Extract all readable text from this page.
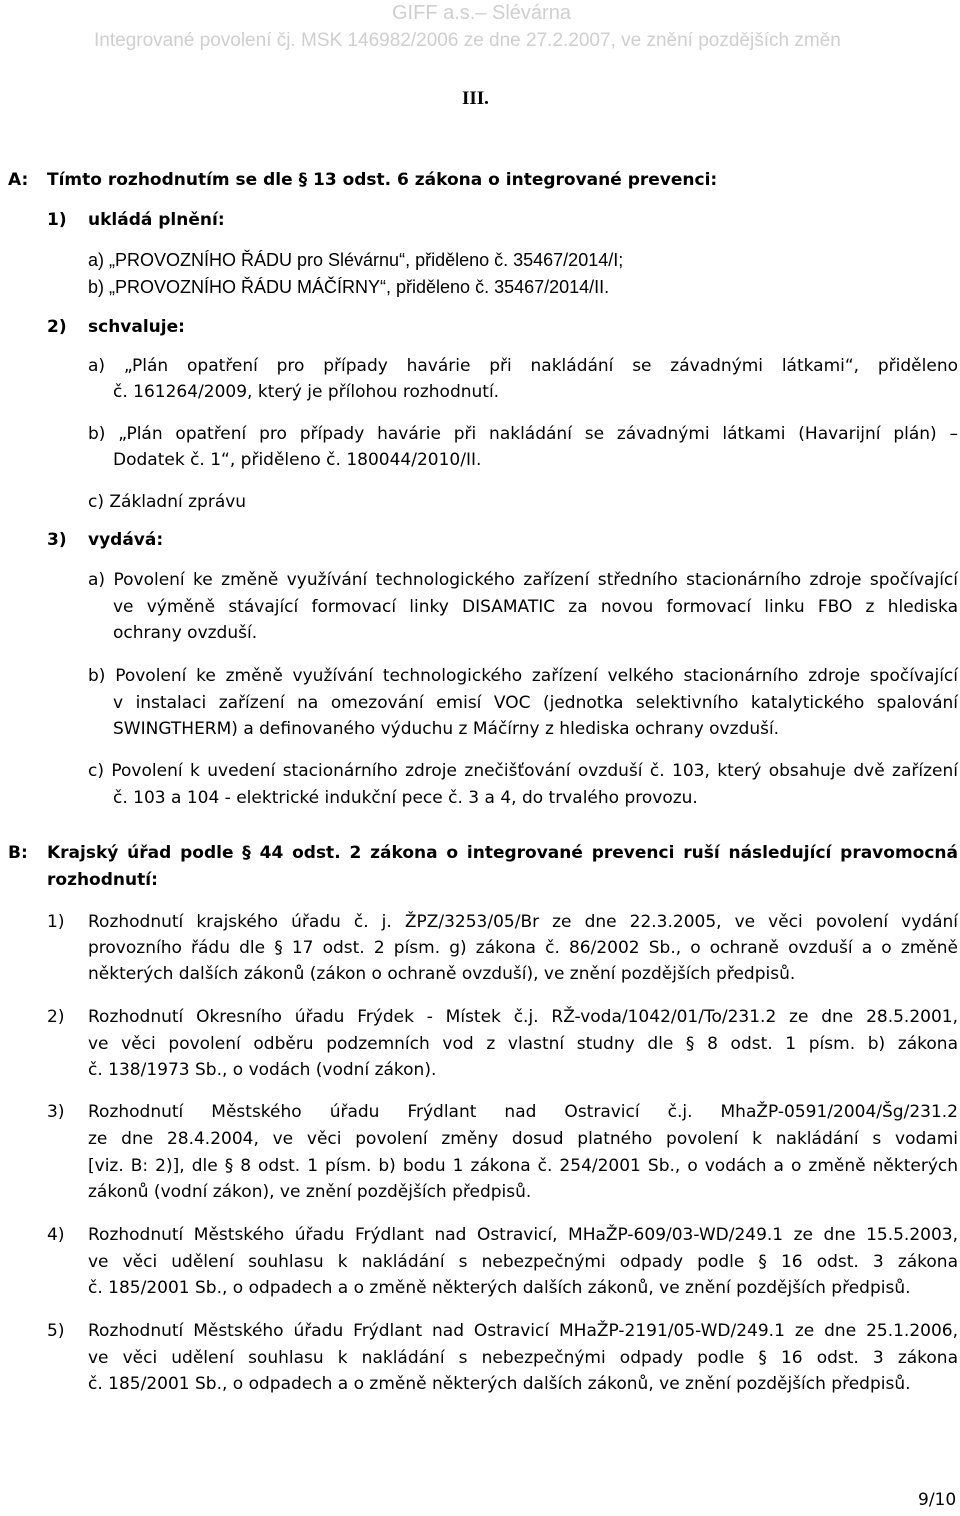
GIFF a.s.– Slévárna
Integrované povolení čj. MSK 146982/2006 ze dne 27.2.2007, ve znění pozdějších změn
III.
A: Tímto rozhodnutím se dle § 13 odst. 6 zákona o integrované prevenci:
1) ukládá plnění:
a) „PROVOZNÍHO ŘÁDU pro Slévárnu“, přiděleno č. 35467/2014/I;
b) „PROVOZNÍHO ŘÁDU MÁČÍRNY“, přiděleno č. 35467/2014/II.
2) schvaluje:
a) „Plán opatření pro případy havárie při nakládání se závadnými látkami“, přiděleno
č. 161264/2009, který je přílohou rozhodnutí.
b) „Plán opatření pro případy havárie při nakládání se závadnými látkami (Havarijní plán) –
Dodatek č. 1“, přiděleno č. 180044/2010/II.
c) Základní zprávu
3) vydává:
a) Povolení ke změně využívání technologického zařízení středního stacionárního zdroje spočívající
ve výměně stávající formovací linky DISAMATIC za novou formovací linku FBO z hlediska
ochrany ovzduší.
b) Povolení ke změně využívání technologického zařízení velkého stacionárního zdroje spočívající
v instalaci zařízení na omezování emisí VOC (jednotka selektivního katalytického spalování
SWINGTHERM) a definovaného výduchu z Máčírny z hlediska ochrany ovzduší.
c) Povolení k uvedení stacionárního zdroje znečišťování ovzduší č. 103, který obsahuje dvě zařízení
č. 103 a 104 - elektrické indukční pece č. 3 a 4, do trvalého provozu.
B: Krajský úřad podle § 44 odst. 2 zákona o integrované prevenci ruší následující pravomocná
rozhodnutí:
1) Rozhodnutí krajského úřadu č. j. ŽPZ/3253/05/Br ze dne 22.3.2005, ve věci povolení vydání
provozního řádu dle § 17 odst. 2 písm. g) zákona č. 86/2002 Sb., o ochraně ovzduší a o změně
některých dalších zákonů (zákon o ochraně ovzduší), ve znění pozdějších předpisů.
2) Rozhodnutí Okresního úřadu Frýdek - Místek č.j. RŽ-voda/1042/01/To/231.2 ze dne 28.5.2001,
ve věci povolení odběru podzemních vod z vlastní studny dle § 8 odst. 1 písm. b) zákona
č. 138/1973 Sb., o vodách (vodní zákon).
3) Rozhodnutí Městského úřadu Frýdlant nad Ostravicí č.j. MhaŽP-0591/2004/Šg/231.2
ze dne 28.4.2004, ve věci povolení změny dosud platného povolení k nakládání s vodami
[viz. B: 2)], dle § 8 odst. 1 písm. b) bodu 1 zákona č. 254/2001 Sb., o vodách a o změně některých
zákonů (vodní zákon), ve znění pozdějších předpisů.
4) Rozhodnutí Městského úřadu Frýdlant nad Ostravicí, MHaŽP-609/03-WD/249.1 ze dne 15.5.2003,
ve věci udělení souhlasu k nakládání s nebezpečnými odpady podle § 16 odst. 3 zákona
č. 185/2001 Sb., o odpadech a o změně některých dalších zákonů, ve znění pozdějších předpisů.
5) Rozhodnutí Městského úřadu Frýdlant nad Ostravicí MHaŽP-2191/05-WD/249.1 ze dne 25.1.2006,
ve věci udělení souhlasu k nakládání s nebezpečnými odpady podle § 16 odst. 3 zákona
č. 185/2001 Sb., o odpadech a o změně některých dalších zákonů, ve znění pozdějších předpisů.
9/10
